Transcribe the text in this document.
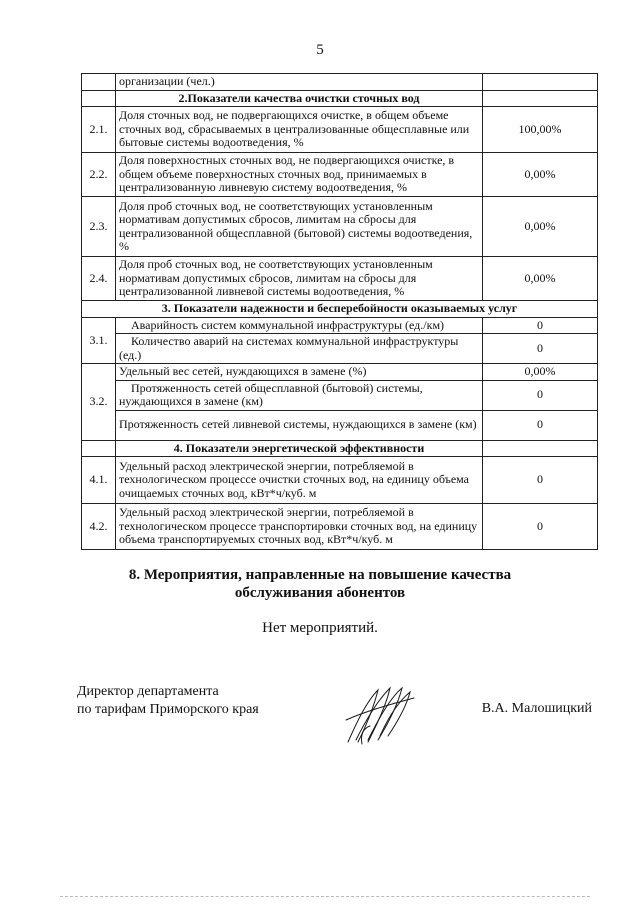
5
	организации (чел.)	
	2.Показатели качества очистки сточных вод	
2.1.	Доля сточных вод, не подвергающихся очистке, в общем объеме сточных вод, сбрасываемых в централизованные общесплавные или бытовые системы водоотведения, %	100,00%
2.2.	Доля поверхностных сточных вод, не подвергающихся очистке, в общем объеме поверхностных сточных вод, принимаемых в централизованную ливневую систему водоотведения, %	0,00%
2.3.	Доля проб сточных вод, не соответствующих установленным нормативам допустимых сбросов, лимитам на сбросы для централизованной общесплавной (бытовой) системы водоотведения, %	0,00%
2.4.	Доля проб сточных вод, не соответствующих установленным нормативам допустимых сбросов, лимитам на сбросы для централизованной ливневой системы водоотведения, %	0,00%
3. Показатели надежности и бесперебойности оказываемых услуг		
3.1.	Аварийность систем коммунальной инфраструктуры (ед./км)	0
	Количество аварий на системах коммунальной инфраструктуры (ед.)	0
3.2.	Удельный вес сетей, нуждающихся в замене (%)	0,00%
	Протяженность сетей общесплавной (бытовой) системы, нуждающихся в замене (км)	0
	Протяженность сетей ливневой системы, нуждающихся в замене (км)	0
	4. Показатели энергетической эффективности	
4.1.	Удельный расход электрической энергии, потребляемой в технологическом процессе очистки сточных вод, на единицу объема очищаемых сточных вод, кВт*ч/куб. м	0
4.2.	Удельный расход электрической энергии, потребляемой в технологическом процессе транспортировки сточных вод, на единицу объема транспортируемых сточных вод, кВт*ч/куб. м	0
8. Мероприятия, направленные на повышение качества
обслуживания абонентов
Нет мероприятий.
Директор департамента
по тарифам Приморского края	В.А. Малошицкий
